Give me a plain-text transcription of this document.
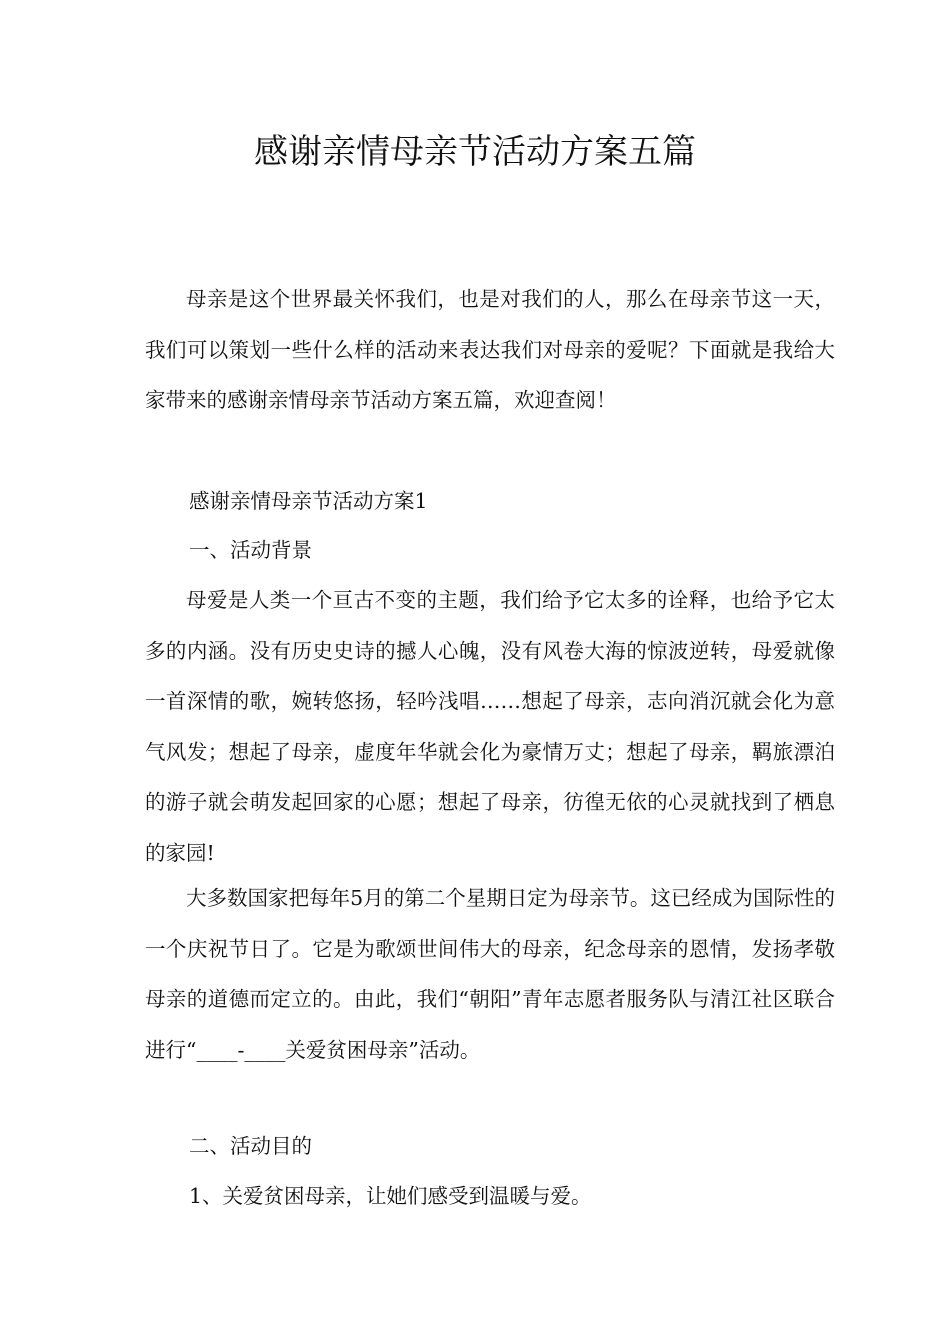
感谢亲情母亲节活动方案五篇

母亲是这个世界最关怀我们，也是对我们的人，那么在母亲节这一天，我们可以策划一些什么样的活动来表达我们对母亲的爱呢？下面就是我给大家带来的感谢亲情母亲节活动方案五篇，欢迎查阅！

感谢亲情母亲节活动方案1

一、活动背景

母爱是人类一个亘古不变的主题，我们给予它太多的诠释，也给予它太多的内涵。没有历史史诗的撼人心魄，没有风卷大海的惊波逆转，母爱就像一首深情的歌，婉转悠扬，轻吟浅唱……想起了母亲，志向消沉就会化为意气风发；想起了母亲，虚度年华就会化为豪情万丈；想起了母亲，羁旅漂泊的游子就会萌发起回家的心愿；想起了母亲，彷徨无依的心灵就找到了栖息的家园!

大多数国家把每年5月的第二个星期日定为母亲节。这已经成为国际性的一个庆祝节日了。它是为歌颂世间伟大的母亲，纪念母亲的恩情，发扬孝敬母亲的道德而定立的。由此，我们“朝阳”青年志愿者服务队与清江社区联合进行“____-____关爱贫困母亲”活动。

二、活动目的

1、关爱贫困母亲，让她们感受到温暖与爱。
